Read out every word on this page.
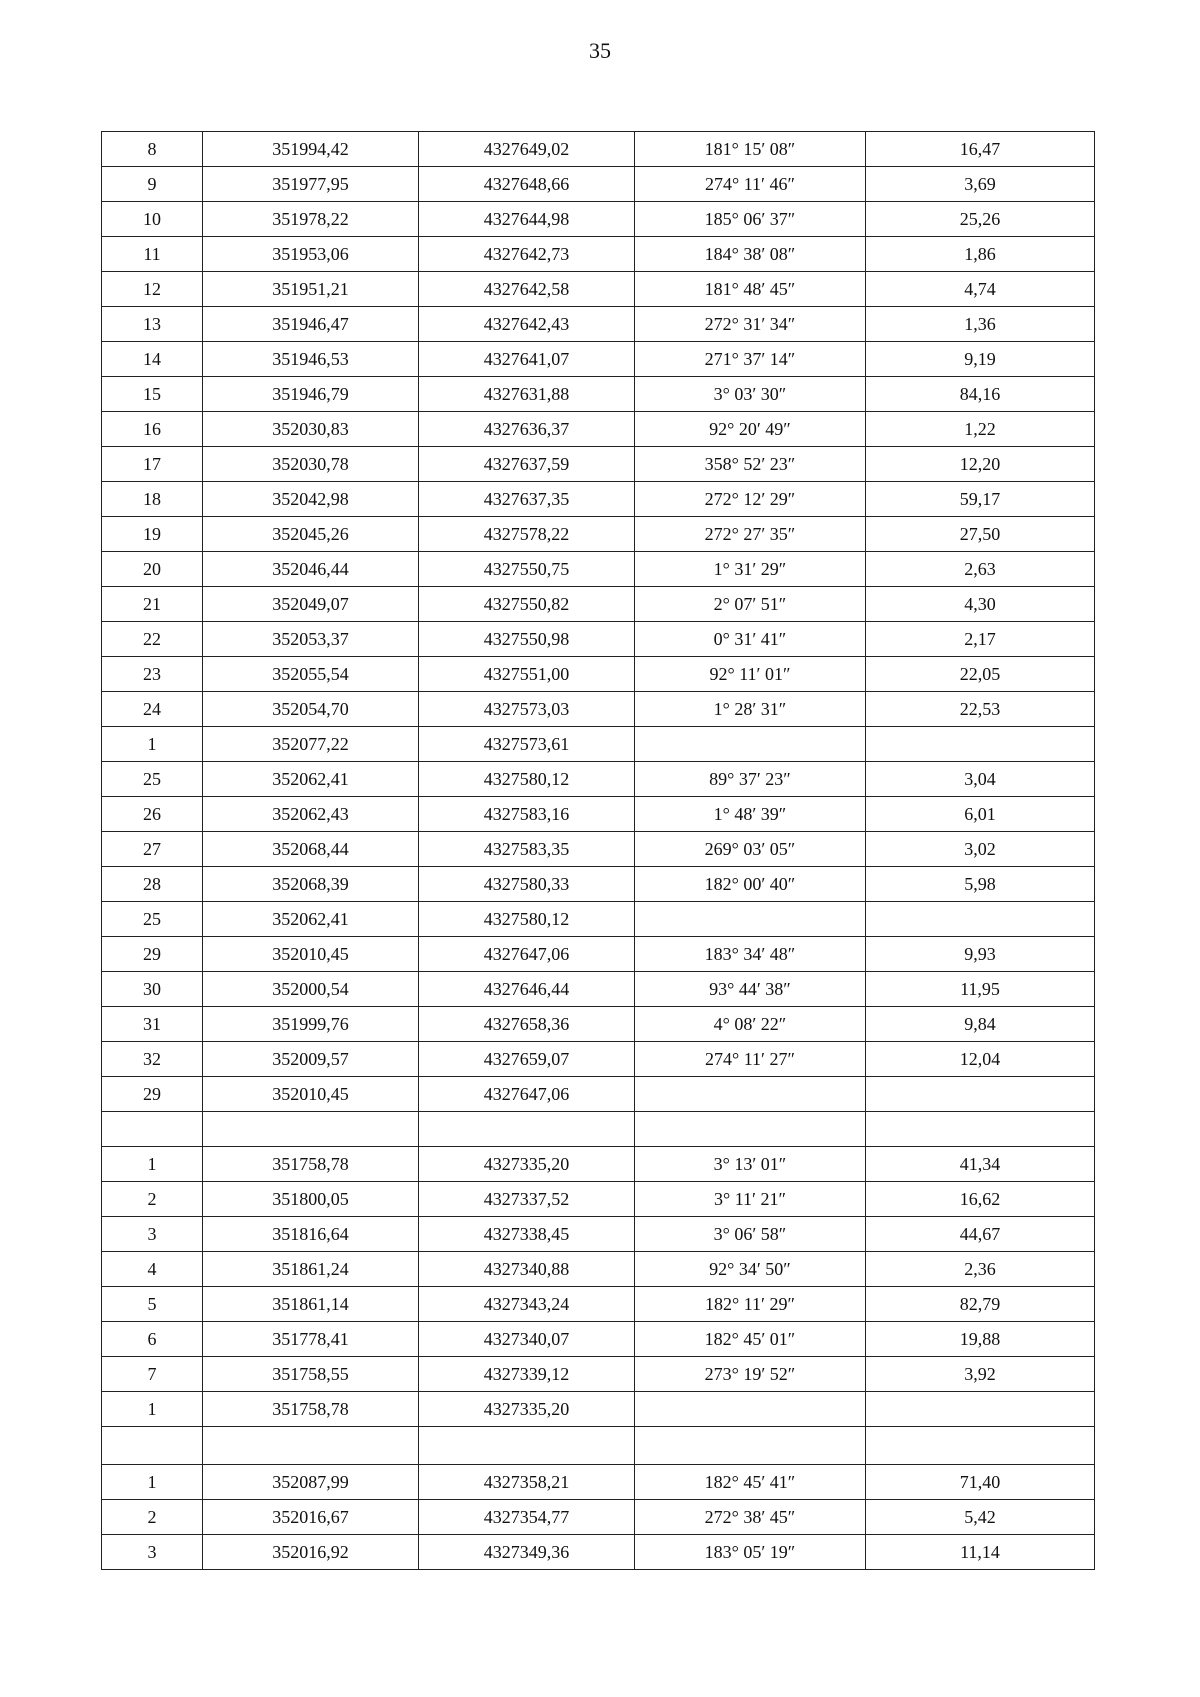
35
8	351994,42	4327649,02	181° 15′ 08″	16,47
9	351977,95	4327648,66	274° 11′ 46″	3,69
10	351978,22	4327644,98	185° 06′ 37″	25,26
11	351953,06	4327642,73	184° 38′ 08″	1,86
12	351951,21	4327642,58	181° 48′ 45″	4,74
13	351946,47	4327642,43	272° 31′ 34″	1,36
14	351946,53	4327641,07	271° 37′ 14″	9,19
15	351946,79	4327631,88	3° 03′ 30″	84,16
16	352030,83	4327636,37	92° 20′ 49″	1,22
17	352030,78	4327637,59	358° 52′ 23″	12,20
18	352042,98	4327637,35	272° 12′ 29″	59,17
19	352045,26	4327578,22	272° 27′ 35″	27,50
20	352046,44	4327550,75	1° 31′ 29″	2,63
21	352049,07	4327550,82	2° 07′ 51″	4,30
22	352053,37	4327550,98	0° 31′ 41″	2,17
23	352055,54	4327551,00	92° 11′ 01″	22,05
24	352054,70	4327573,03	1° 28′ 31″	22,53
1	352077,22	4327573,61		
25	352062,41	4327580,12	89° 37′ 23″	3,04
26	352062,43	4327583,16	1° 48′ 39″	6,01
27	352068,44	4327583,35	269° 03′ 05″	3,02
28	352068,39	4327580,33	182° 00′ 40″	5,98
25	352062,41	4327580,12		
29	352010,45	4327647,06	183° 34′ 48″	9,93
30	352000,54	4327646,44	93° 44′ 38″	11,95
31	351999,76	4327658,36	4° 08′ 22″	9,84
32	352009,57	4327659,07	274° 11′ 27″	12,04
29	352010,45	4327647,06		

1	351758,78	4327335,20	3° 13′ 01″	41,34
2	351800,05	4327337,52	3° 11′ 21″	16,62
3	351816,64	4327338,45	3° 06′ 58″	44,67
4	351861,24	4327340,88	92° 34′ 50″	2,36
5	351861,14	4327343,24	182° 11′ 29″	82,79
6	351778,41	4327340,07	182° 45′ 01″	19,88
7	351758,55	4327339,12	273° 19′ 52″	3,92
1	351758,78	4327335,20		

1	352087,99	4327358,21	182° 45′ 41″	71,40
2	352016,67	4327354,77	272° 38′ 45″	5,42
3	352016,92	4327349,36	183° 05′ 19″	11,14
